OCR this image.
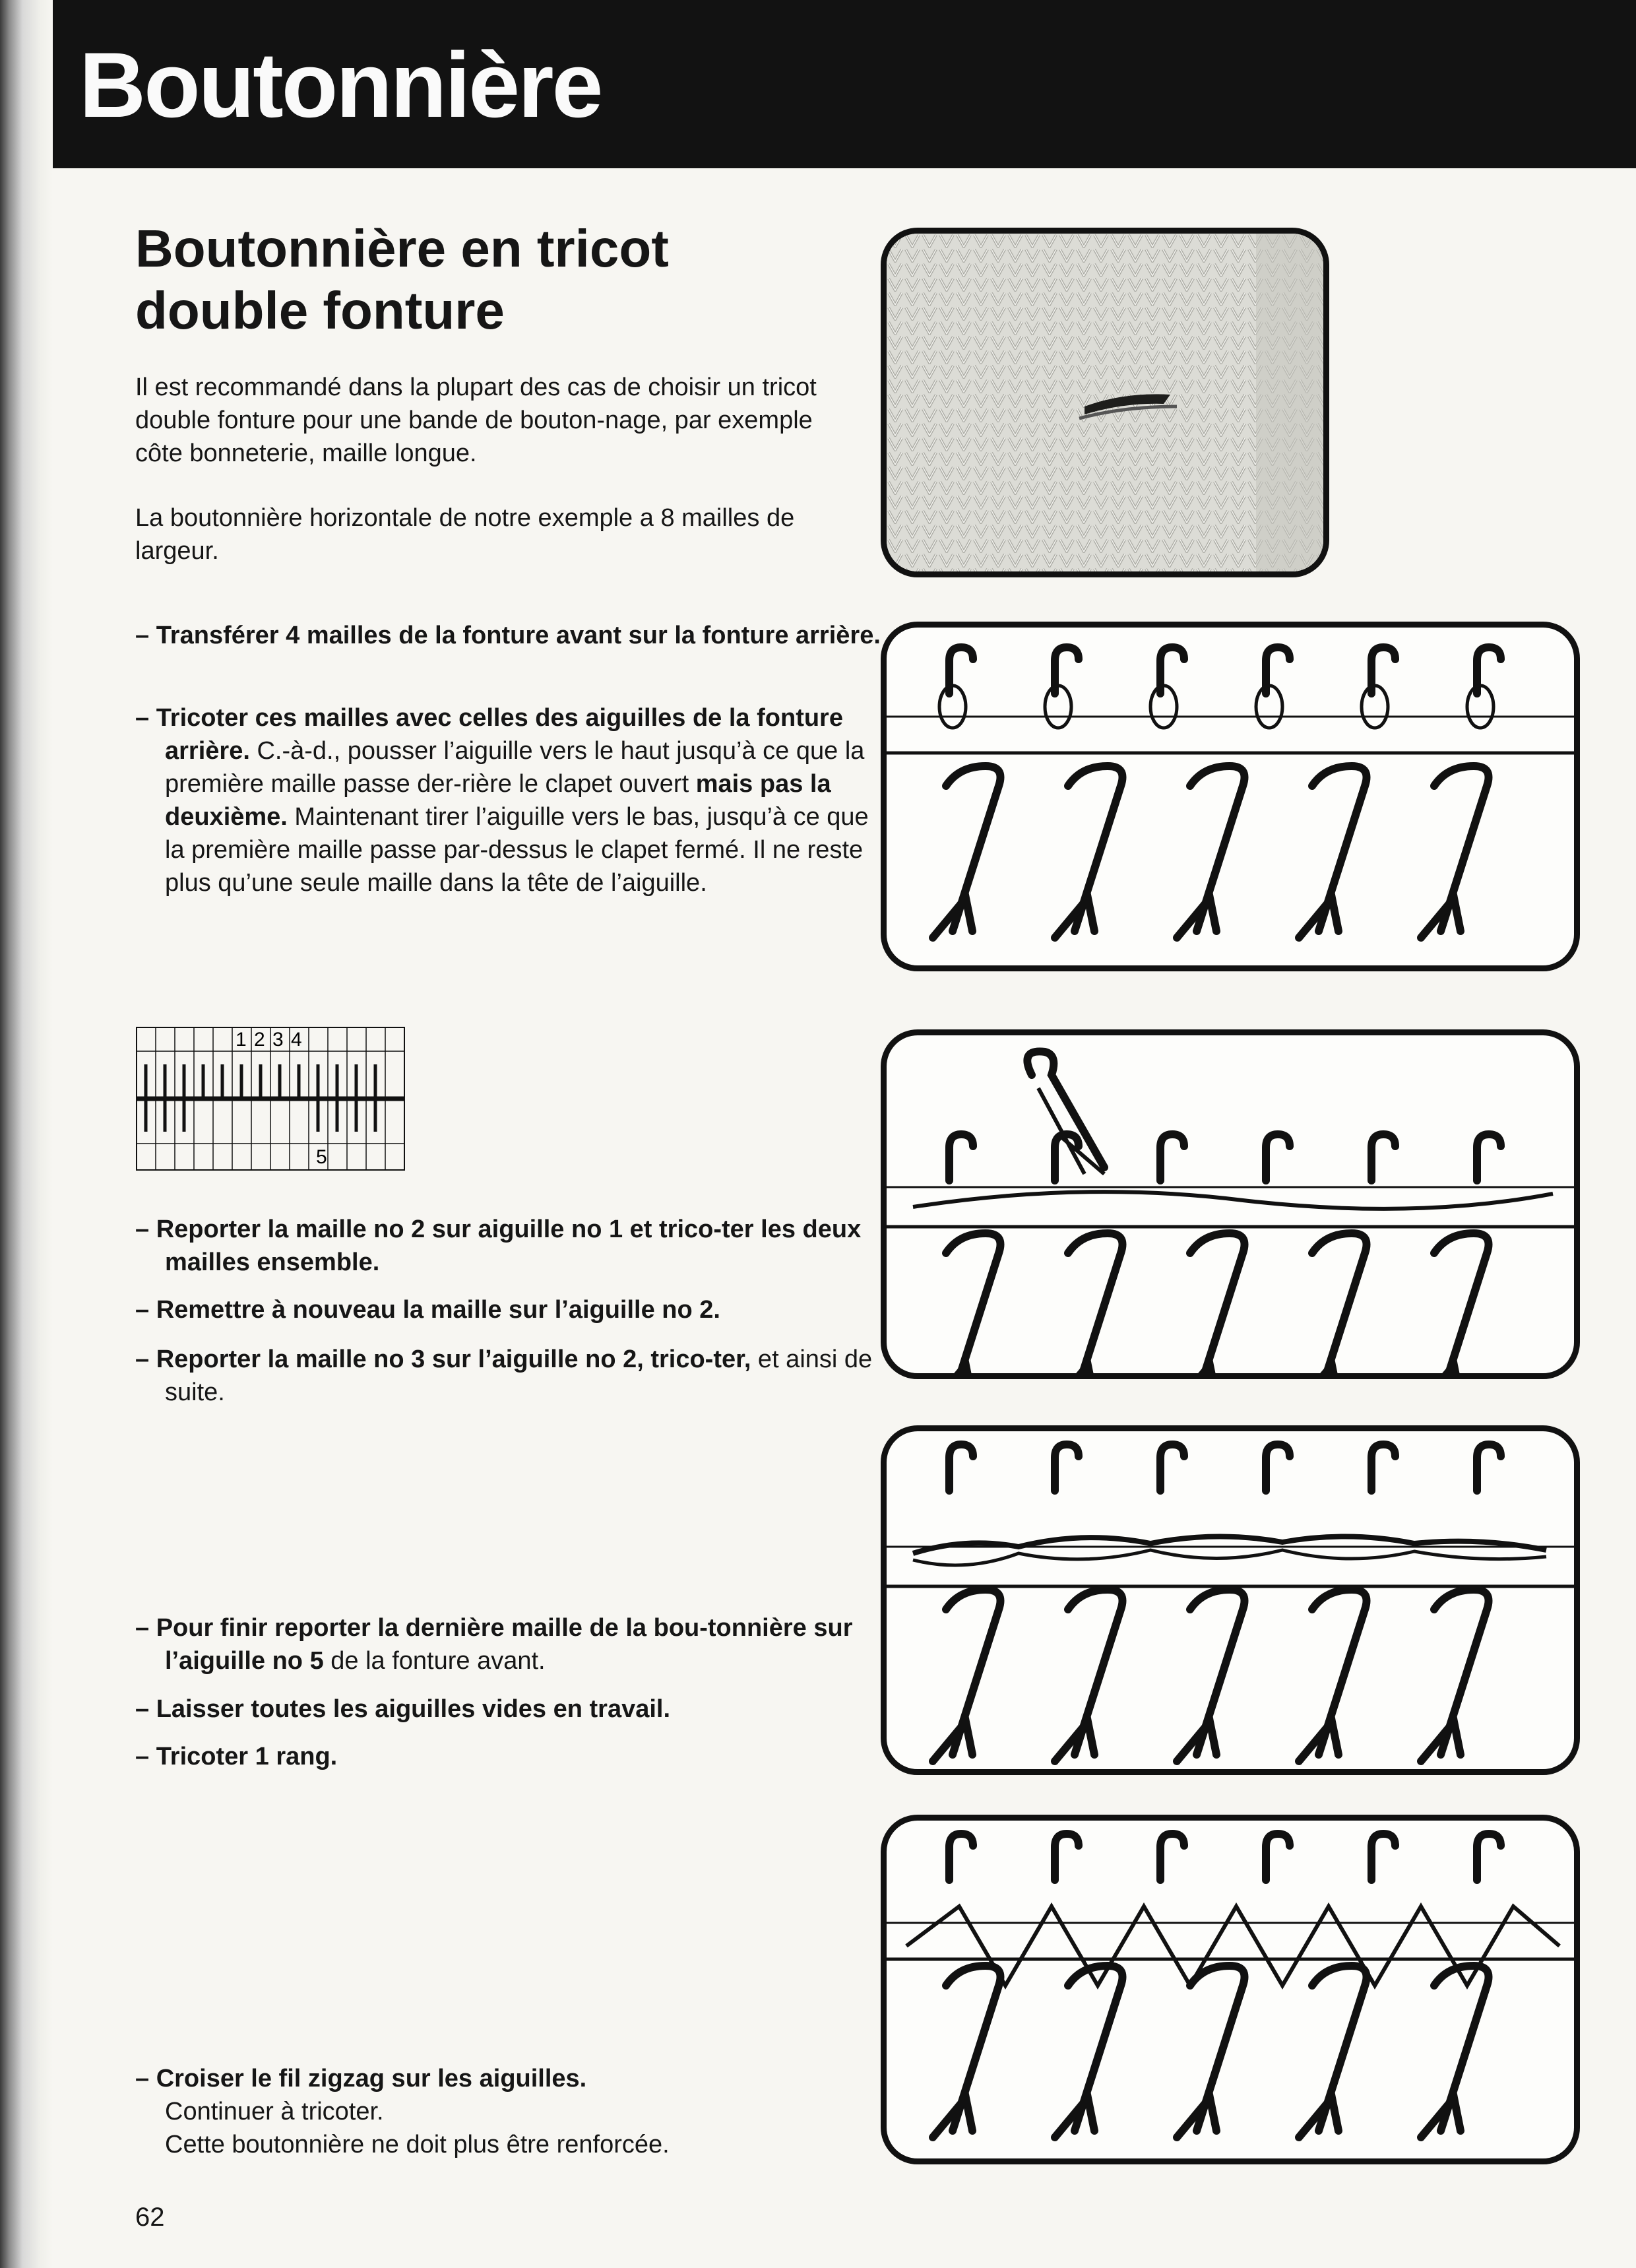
Boutonnière
Boutonnière en tricot
double fonture

Il est recommandé dans la plupart des cas de choisir un tricot double fonture pour une bande de bouton-nage, par exemple côte bonneterie, maille longue.

La boutonnière horizontale de notre exemple a 8 mailles de largeur.

– Transférer 4 mailles de la fonture avant sur la fonture arrière.

– Tricoter ces mailles avec celles des aiguilles de la fonture arrière. C.-à-d., pousser l’aiguille vers le haut jusqu’à ce que la première maille passe der-rière le clapet ouvert mais pas la deuxième. Maintenant tirer l’aiguille vers le bas, jusqu’à ce que la première maille passe par-dessus le clapet fermé. Il ne reste plus qu’une seule maille dans la tête de l’aiguille.

1 2 3 4
5

– Reporter la maille no 2 sur aiguille no 1 et trico-ter les deux mailles ensemble.

– Remettre à nouveau la maille sur l’aiguille no 2.

– Reporter la maille no 3 sur l’aiguille no 2, trico-ter, et ainsi de suite.

– Pour finir reporter la dernière maille de la bou-tonnière sur l’aiguille no 5 de la fonture avant.

– Laisser toutes les aiguilles vides en travail.

– Tricoter 1 rang.

– Croiser le fil zigzag sur les aiguilles.

Continuer à tricoter.

Cette boutonnière ne doit plus être renforcée.

62
